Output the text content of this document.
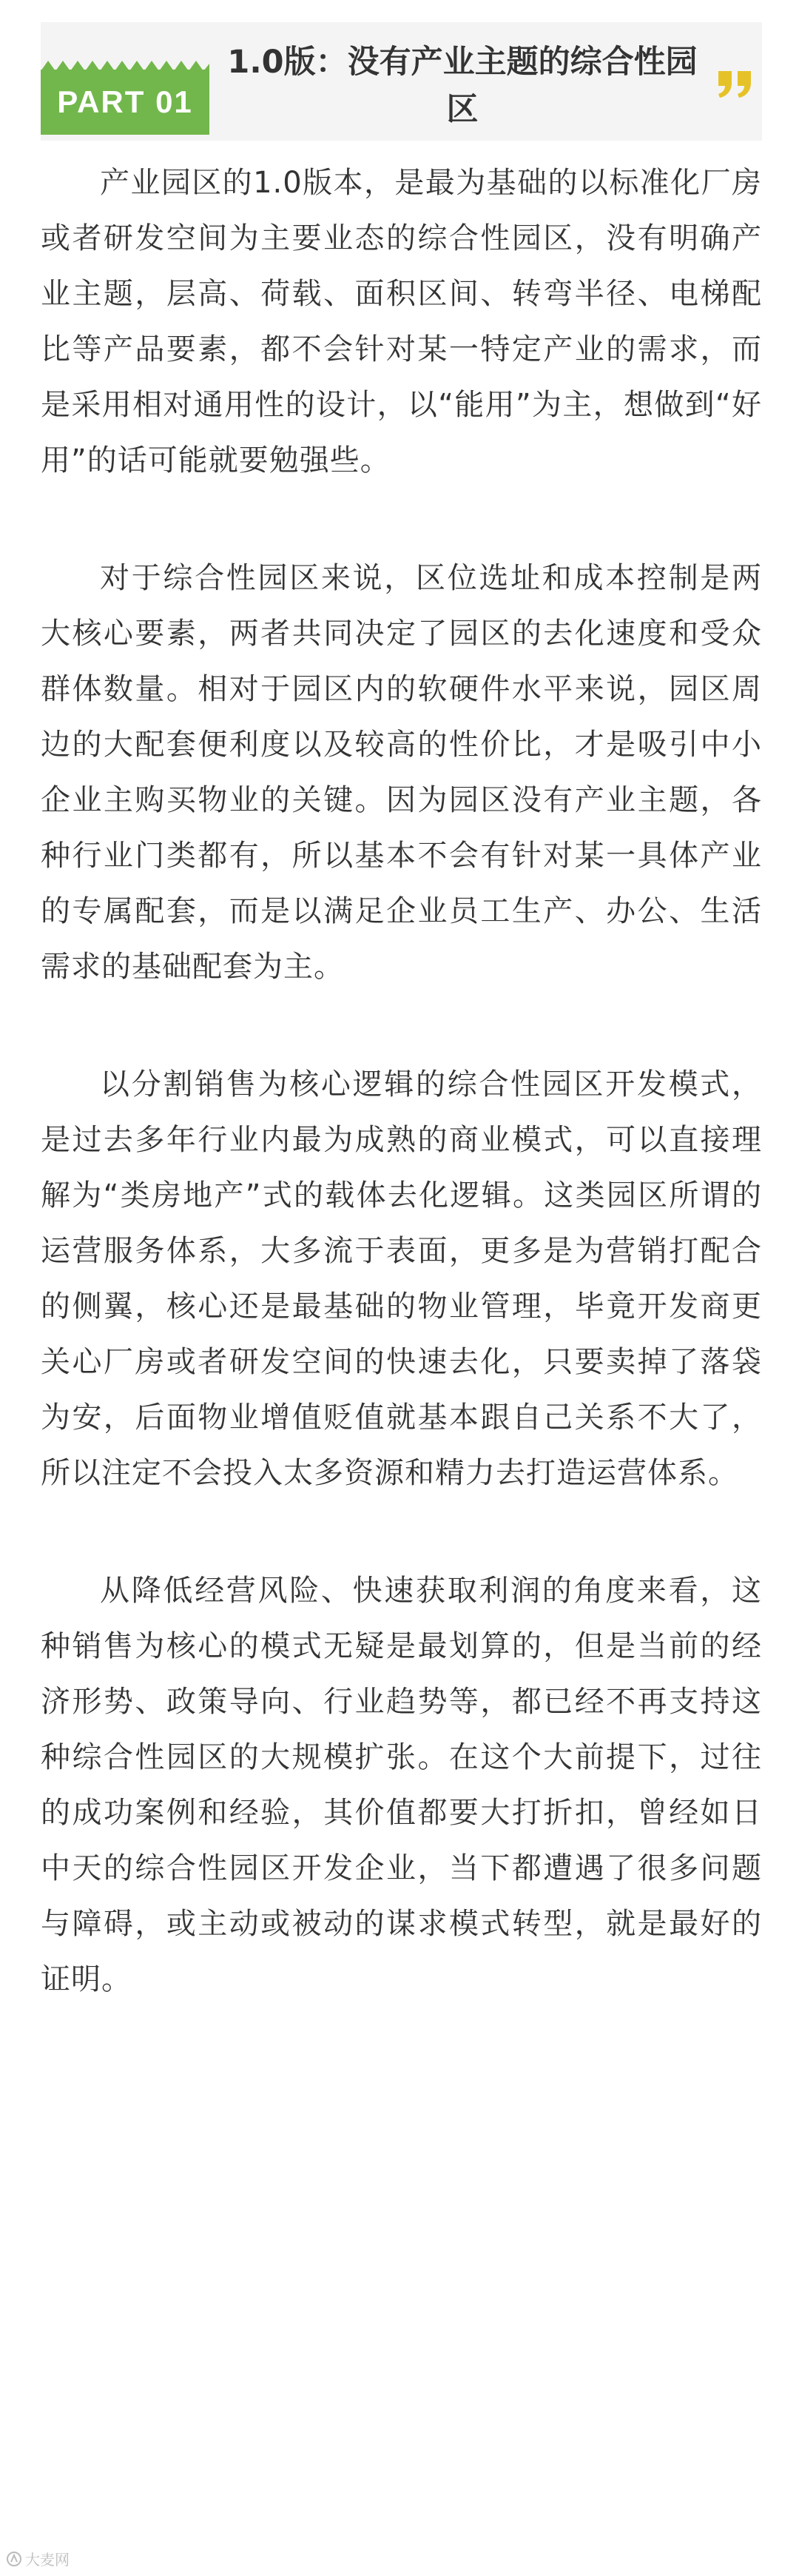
PART 01
1.0版：没有产业主题的综合性园区

产业园区的1.0版本，是最为基础的以标准化厂房或者研发空间为主要业态的综合性园区，没有明确产业主题，层高、荷载、面积区间、转弯半径、电梯配比等产品要素，都不会针对某一特定产业的需求，而是采用相对通用性的设计，以“能用”为主，想做到“好用”的话可能就要勉强些。

对于综合性园区来说，区位选址和成本控制是两大核心要素，两者共同决定了园区的去化速度和受众群体数量。相对于园区内的软硬件水平来说，园区周边的大配套便利度以及较高的性价比，才是吸引中小企业主购买物业的关键。因为园区没有产业主题，各种行业门类都有，所以基本不会有针对某一具体产业的专属配套，而是以满足企业员工生产、办公、生活需求的基础配套为主。

以分割销售为核心逻辑的综合性园区开发模式，是过去多年行业内最为成熟的商业模式，可以直接理解为“类房地产”式的载体去化逻辑。这类园区所谓的运营服务体系，大多流于表面，更多是为营销打配合的侧翼，核心还是最基础的物业管理，毕竟开发商更关心厂房或者研发空间的快速去化，只要卖掉了落袋为安，后面物业增值贬值就基本跟自己关系不大了，所以注定不会投入太多资源和精力去打造运营体系。

从降低经营风险、快速获取利润的角度来看，这种销售为核心的模式无疑是最划算的，但是当前的经济形势、政策导向、行业趋势等，都已经不再支持这种综合性园区的大规模扩张。在这个大前提下，过往的成功案例和经验，其价值都要大打折扣，曾经如日中天的综合性园区开发企业，当下都遭遇了很多问题与障碍，或主动或被动的谋求模式转型，就是最好的证明。

大麦网
